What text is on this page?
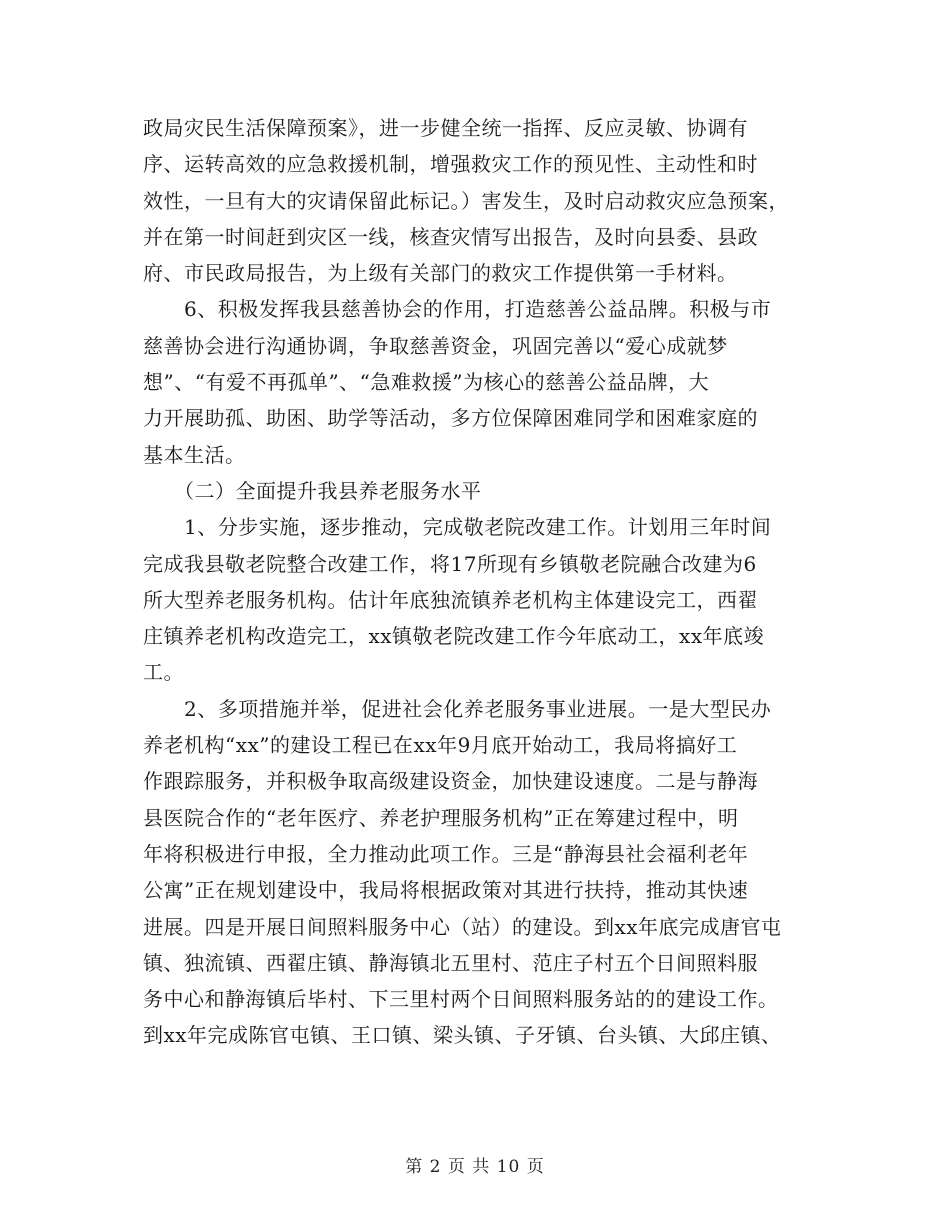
政局灾民生活保障预案》，进一步健全统一指挥、反应灵敏、协调有
序、运转高效的应急救援机制，增强救灾工作的预见性、主动性和时
效性，一旦有大的灾请保留此标记。）害发生，及时启动救灾应急预案，
并在第一时间赶到灾区一线，核查灾情写出报告，及时向县委、县政
府、市民政局报告，为上级有关部门的救灾工作提供第一手材料。
　　6、积极发挥我县慈善协会的作用，打造慈善公益品牌。积极与市
慈善协会进行沟通协调，争取慈善资金，巩固完善以“爱心成就梦
想”、“有爱不再孤单”、“急难救援”为核心的慈善公益品牌，大
力开展助孤、助困、助学等活动，多方位保障困难同学和困难家庭的
基本生活。
　　（二）全面提升我县养老服务水平
　　1、分步实施，逐步推动，完成敬老院改建工作。计划用三年时间
完成我县敬老院整合改建工作，将17所现有乡镇敬老院融合改建为6
所大型养老服务机构。估计年底独流镇养老机构主体建设完工，西翟
庄镇养老机构改造完工，xx镇敬老院改建工作今年底动工，xx年底竣
工。
　　2、多项措施并举，促进社会化养老服务事业进展。一是大型民办
养老机构“xx”的建设工程已在xx年9月底开始动工，我局将搞好工
作跟踪服务，并积极争取高级建设资金，加快建设速度。二是与静海
县医院合作的“老年医疗、养老护理服务机构”正在筹建过程中，明
年将积极进行申报，全力推动此项工作。三是“静海县社会福利老年
公寓”正在规划建设中，我局将根据政策对其进行扶持，推动其快速
进展。四是开展日间照料服务中心（站）的建设。到xx年底完成唐官屯
镇、独流镇、西翟庄镇、静海镇北五里村、范庄子村五个日间照料服
务中心和静海镇后毕村、下三里村两个日间照料服务站的的建设工作。
到xx年完成陈官屯镇、王口镇、梁头镇、子牙镇、台头镇、大邱庄镇、
第 2 页 共 10 页
